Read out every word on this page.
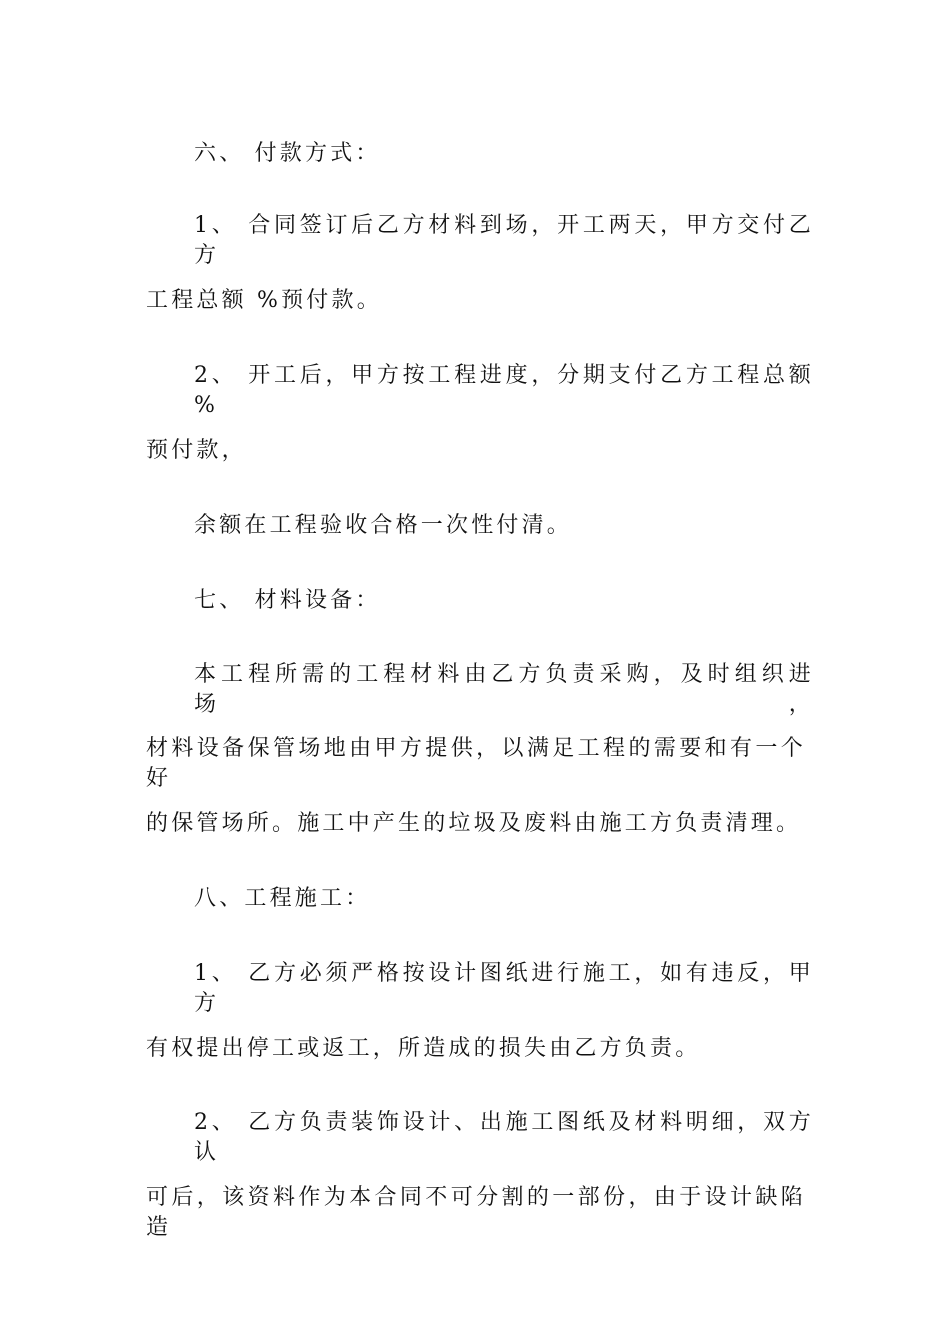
六、 付款方式：
1、 合同签订后乙方材料到场，开工两天，甲方交付乙方
工程总额 %预付款。
2、 开工后，甲方按工程进度，分期支付乙方工程总额 %
预付款，
余额在工程验收合格一次性付清。
七、 材料设备：
本工程所需的工程材料由乙方负责采购，及时组织进场，
材料设备保管场地由甲方提供，以满足工程的需要和有一个好
的保管场所。施工中产生的垃圾及废料由施工方负责清理。
八、工程施工：
1、 乙方必须严格按设计图纸进行施工，如有违反，甲方
有权提出停工或返工，所造成的损失由乙方负责。
2、 乙方负责装饰设计、出施工图纸及材料明细，双方认
可后，该资料作为本合同不可分割的一部份，由于设计缺陷造
